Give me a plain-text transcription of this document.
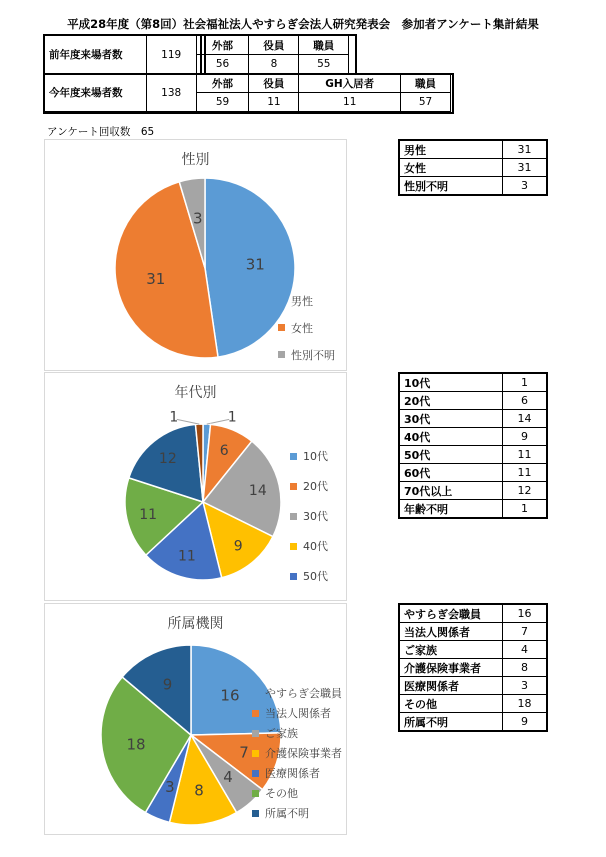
平成28年度（第8回）社会福祉法人やすらぎ会法人研究発表会　参加者アンケート集計結果
前年度来場者数	119	外部	役員	職員		
		56	8	55		
今年度来場者数	138	外部	役員	GH入居者		職員
		59	11	11		57
アンケート回収数　65
性別
31
31
3
男性
女性
性別不明
年代別
1
6
14
9
11
11
12
1
10代
20代
30代
40代
50代
所属機関
16
7
4
8
3
18
9	やすらぎ会職員
当法人関係者
ご家族
介護保険事業者
医療関係者
その他
所属不明
男性	31
女性	31
性別不明	3
10代	1
20代	6
30代	14
40代	9
50代	11
60代	11
70代以上	12
年齢不明	1
やすらぎ会職員	16
当法人関係者	7
ご家族	4
介護保険事業者	8
医療関係者	3
その他	18
所属不明	9
